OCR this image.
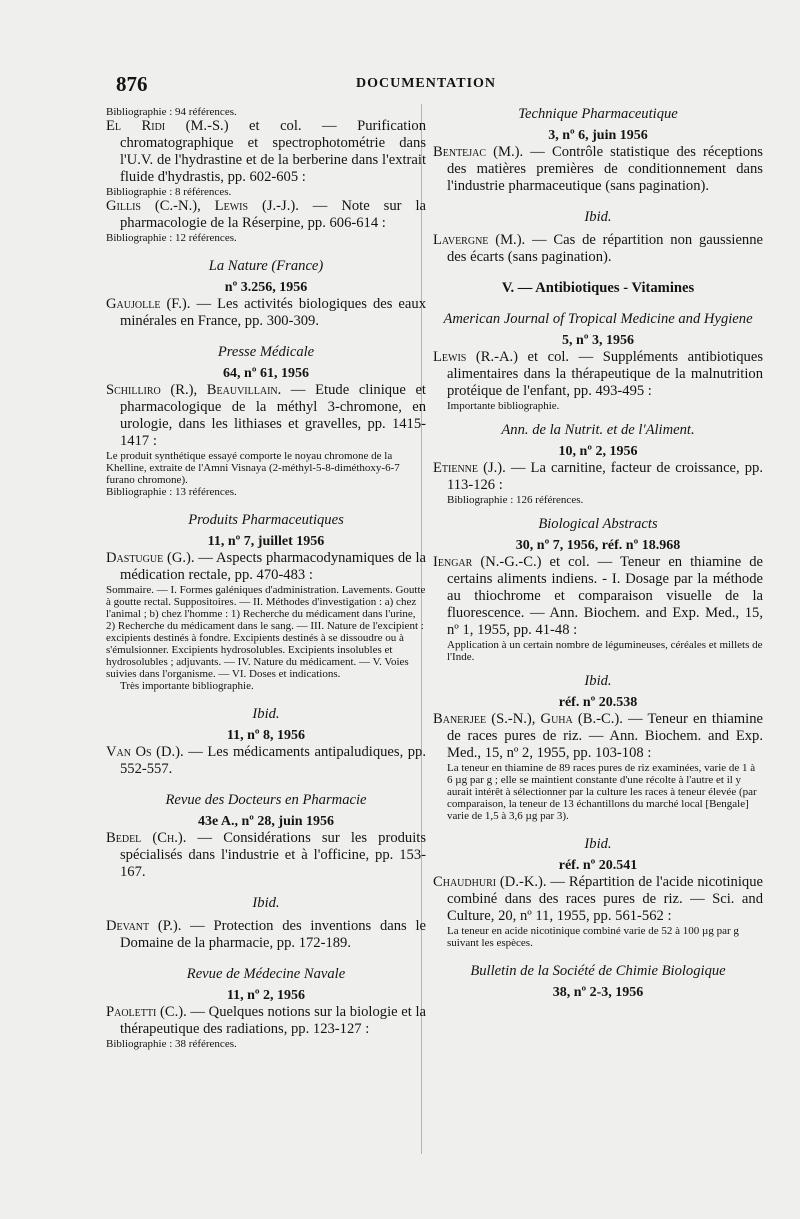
876	DOCUMENTATION

Bibliographie : 94 références.

El Ridi (M.-S.) et col. — Purification chromatographique et spectrophotométrie dans l'U.V. de l'hydrastine et de la berberine dans l'extrait fluide d'hydrastis, pp. 602-605 :

Bibliographie : 8 références.

Gillis (C.-N.), Lewis (J.-J.). — Note sur la pharmacologie de la Réserpine, pp. 606-614 :

Bibliographie : 12 références.

La Nature (France)

nº 3.256, 1956

Gaujolle (F.). — Les activités biologiques des eaux minérales en France, pp. 300-309.

Presse Médicale

64, nº 61, 1956

Schilliro (R.), Beauvillain. — Etude clinique et pharmacologique de la méthyl 3-chromone, en urologie, dans les lithiases et gravelles, pp. 1415-1417 :

Le produit synthétique essayé comporte le noyau chromone de la Khelline, extraite de l'Amni Visnaya (2-méthyl-5-8-diméthoxy-6-7 furano chromone).

Bibliographie : 13 références.

Produits Pharmaceutiques

11, nº 7, juillet 1956

Dastugue (G.). — Aspects pharmacodynamiques de la médication rectale, pp. 470-483 :

Sommaire. — I. Formes galéniques d'administration. Lavements. Goutte à goutte rectal. Suppositoires. — II. Méthodes d'investigation : a) chez l'animal ; b) chez l'homme : 1) Recherche du médicament dans l'urine, 2) Recherche du médicament dans le sang. — III. Nature de l'excipient : excipients destinés à fondre. Excipients destinés à se dissoudre ou à s'émulsionner. Excipients hydrosolubles. Excipients insolubles et hydrosolubles ; adjuvants. — IV. Nature du médicament. — V. Voies suivies dans l'organisme. — VI. Doses et indications.

Très importante bibliographie.

Ibid.

11, nº 8, 1956

Van Os (D.). — Les médicaments antipaludiques, pp. 552-557.

Revue des Docteurs en Pharmacie

43e A., nº 28, juin 1956

Bedel (Ch.). — Considérations sur les produits spécialisés dans l'industrie et à l'officine, pp. 153-167.

Ibid.

Devant (P.). — Protection des inventions dans le Domaine de la pharmacie, pp. 172-189.

Revue de Médecine Navale

11, nº 2, 1956

Paoletti (C.). — Quelques notions sur la biologie et la thérapeutique des radiations, pp. 123-127 :

Bibliographie : 38 références.

Technique Pharmaceutique

3, nº 6, juin 1956

Bentejac (M.). — Contrôle statistique des réceptions des matières premières de conditionnement dans l'industrie pharmaceutique (sans pagination).

Ibid.

Lavergne (M.). — Cas de répartition non gaussienne des écarts (sans pagination).

V. — Antibiotiques - Vitamines

American Journal of Tropical Medicine and Hygiene

5, nº 3, 1956

Lewis (R.-A.) et col. — Suppléments antibiotiques alimentaires dans la thérapeutique de la malnutrition protéique de l'enfant, pp. 493-495 :

Importante bibliographie.

Ann. de la Nutrit. et de l'Aliment.

10, nº 2, 1956

Etienne (J.). — La carnitine, facteur de croissance, pp. 113-126 :

Bibliographie : 126 références.

Biological Abstracts

30, nº 7, 1956, réf. nº 18.968

Iengar (N.-G.-C.) et col. — Teneur en thiamine de certains aliments indiens. - I. Dosage par la méthode au thiochrome et comparaison visuelle de la fluorescence. — Ann. Biochem. and Exp. Med., 15, nº 1, 1955, pp. 41-48 :

Application à un certain nombre de légumineuses, céréales et millets de l'Inde.

Ibid.

réf. nº 20.538

Banerjee (S.-N.), Guha (B.-C.). — Teneur en thiamine de races pures de riz. — Ann. Biochem. and Exp. Med., 15, nº 2, 1955, pp. 103-108 :

La teneur en thiamine de 89 races pures de riz examinées, varie de 1 à 6 µg par g ; elle se maintient constante d'une récolte à l'autre et il y aurait intérêt à sélectionner par la culture les races à teneur élevée (par comparaison, la teneur de 13 échantillons du marché local [Bengale] varie de 1,5 à 3,6 µg par 3).

Ibid.

réf. nº 20.541

Chaudhuri (D.-K.). — Répartition de l'acide nicotinique combiné dans des races pures de riz. — Sci. and Culture, 20, nº 11, 1955, pp. 561-562 :

La teneur en acide nicotinique combiné varie de 52 à 100 µg par g suivant les espèces.

Bulletin de la Société de Chimie Biologique

38, nº 2-3, 1956
